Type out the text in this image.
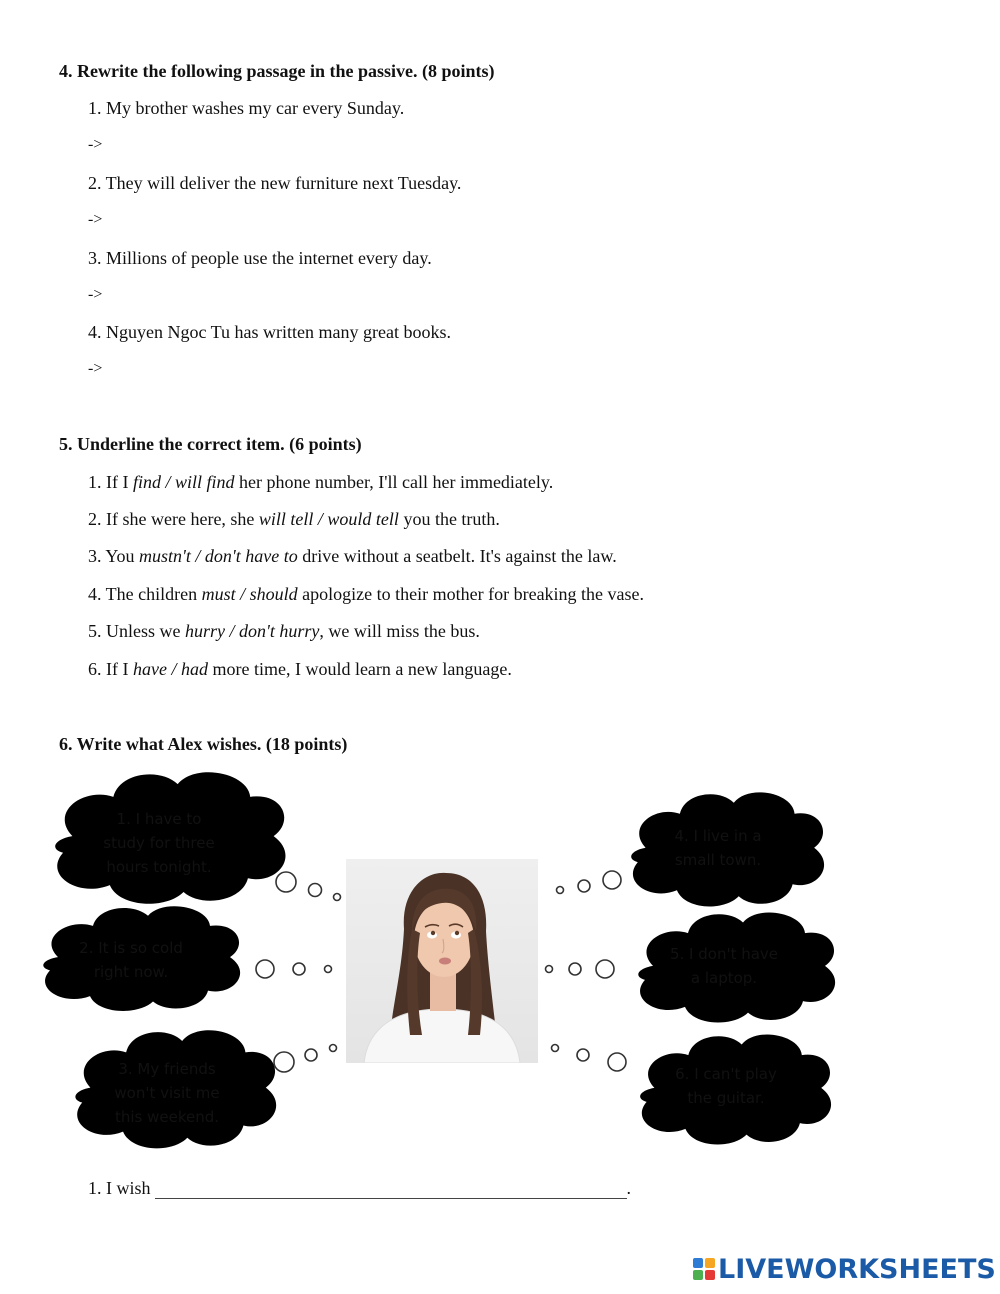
4. Rewrite the following passage in the passive. (8 points)
1. My brother washes my car every Sunday.
->
2. They will deliver the new furniture next Tuesday.
->
3. Millions of people use the internet every day.
->
4. Nguyen Ngoc Tu has written many great books.
->
5. Underline the correct item. (6 points)
1. If I find / will find her phone number, I'll call her immediately.
2. If she were here, she will tell / would tell you the truth.
3. You mustn't / don't have to drive without a seatbelt. It's against the law.
4. The children must / should apologize to their mother for breaking the vase.
5. Unless we hurry / don't hurry, we will miss the bus.
6. If I have / had more time, I would learn a new language.
6. Write what Alex wishes. (18 points)
1. I have to
study for three
hours tonight.
2. It is so cold
right now.
3. My friends
won't visit me
this weekend.
4. I live in a
small town.
5. I don't have
a laptop.
6. I can't play
the guitar.
1. I wish	.
LIVEWORKSHEETS
